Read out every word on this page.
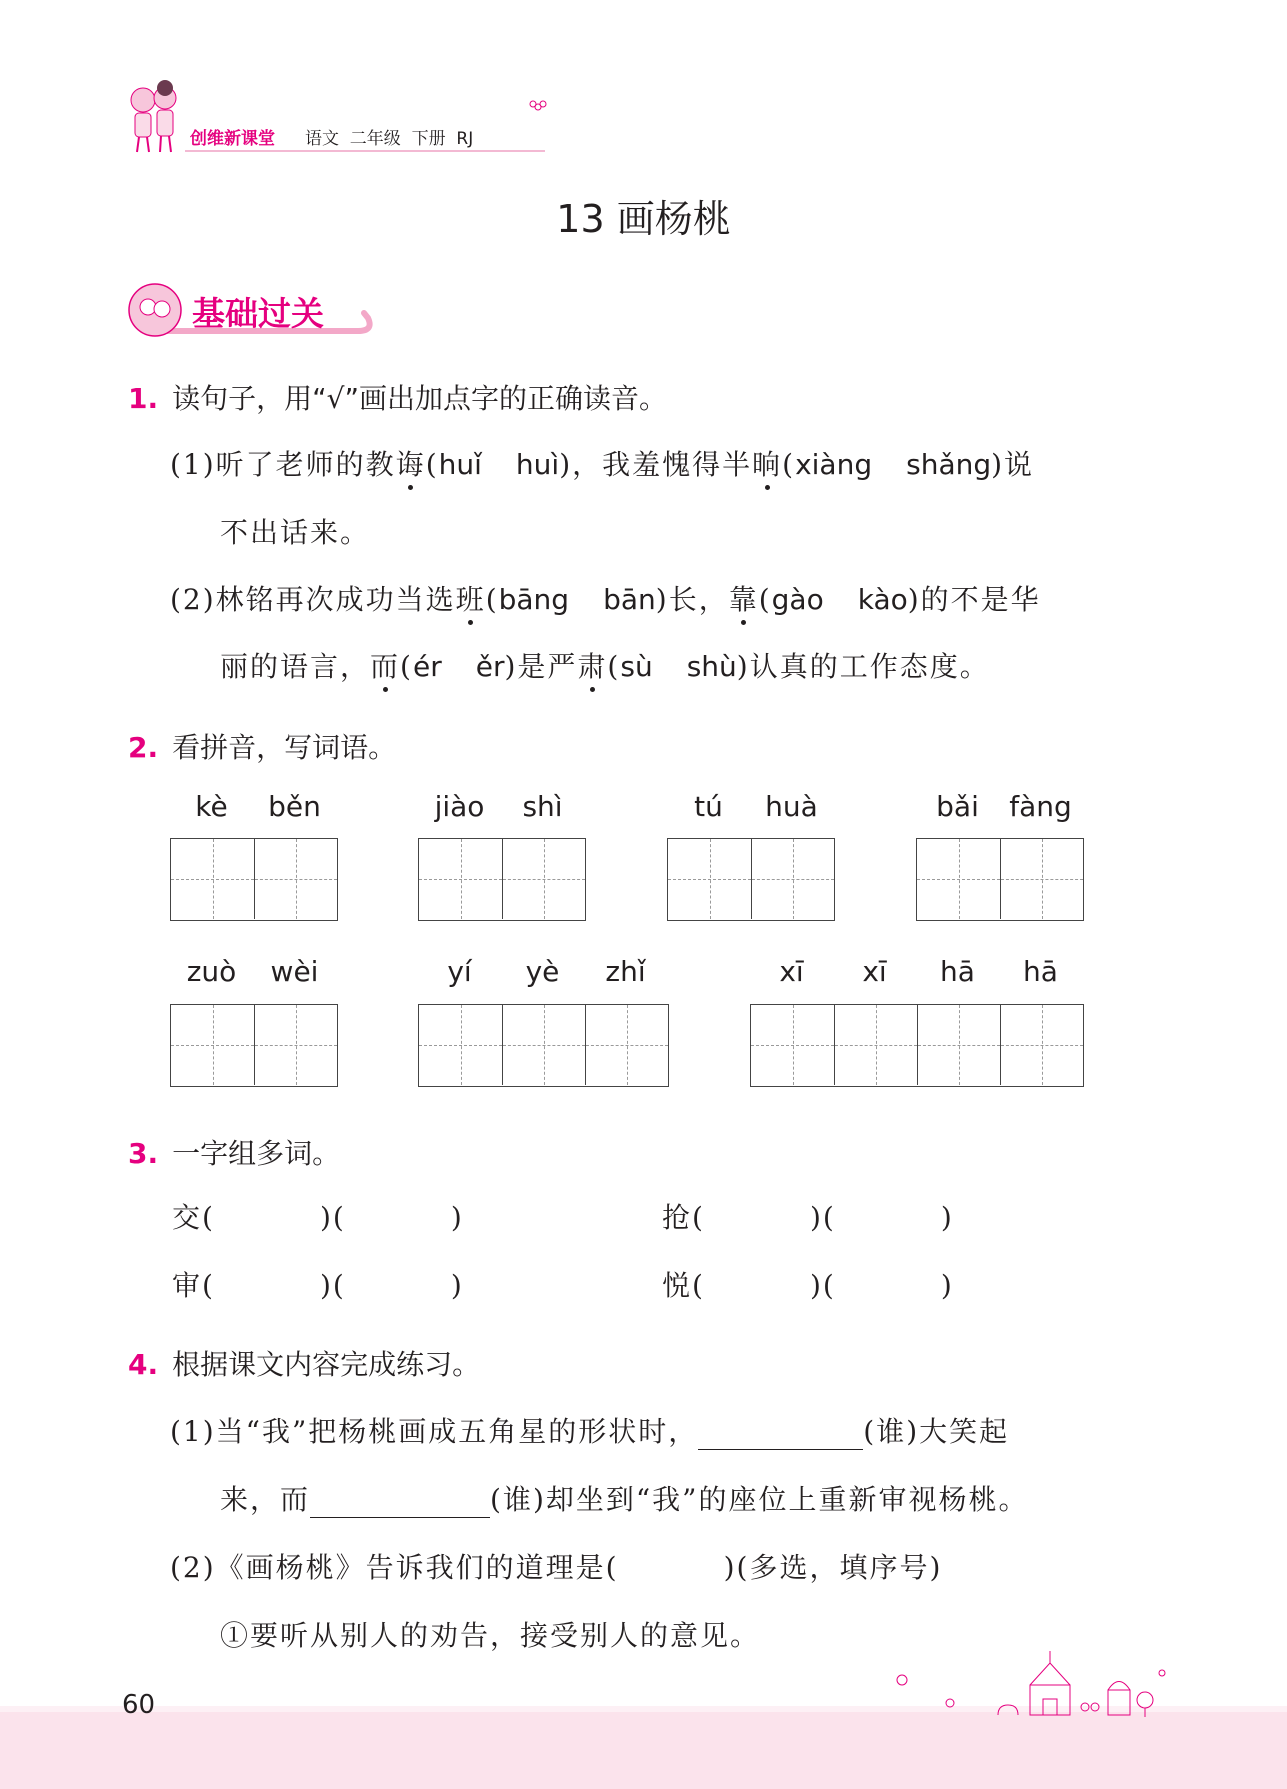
创维新课堂 语文  二年级  下册  RJ
13 画杨桃
基础过关
1. 读句子，用“√”画出加点字的正确读音。
(1)听了老师的教诲(huǐ huì)，我羞愧得半晌(xiàng shǎng)说
不出话来。
(2)林铭再次成功当选班(bāng bān)长，靠(gào kào)的不是华
丽的语言，而(ér ěr)是严肃(sù shù)认真的工作态度。
2. 看拼音，写词语。
kè	běn	jiào	shì	tú	huà	bǎi	fàng
zuò	wèi	yí	yè	zhǐ	xī	xī	hā	hā
3. 一字组多词。
交(	)(	)	抢(	)(	)
审(	)(	)	悦(	)(	)
4. 根据课文内容完成练习。
(1)当“我”把杨桃画成五角星的形状时，	(谁)大笑起
来，而	(谁)却坐到“我”的座位上重新审视杨桃。
(2)《画杨桃》告诉我们的道理是(	)(多选，填序号)
①要听从别人的劝告，接受别人的意见。
60
